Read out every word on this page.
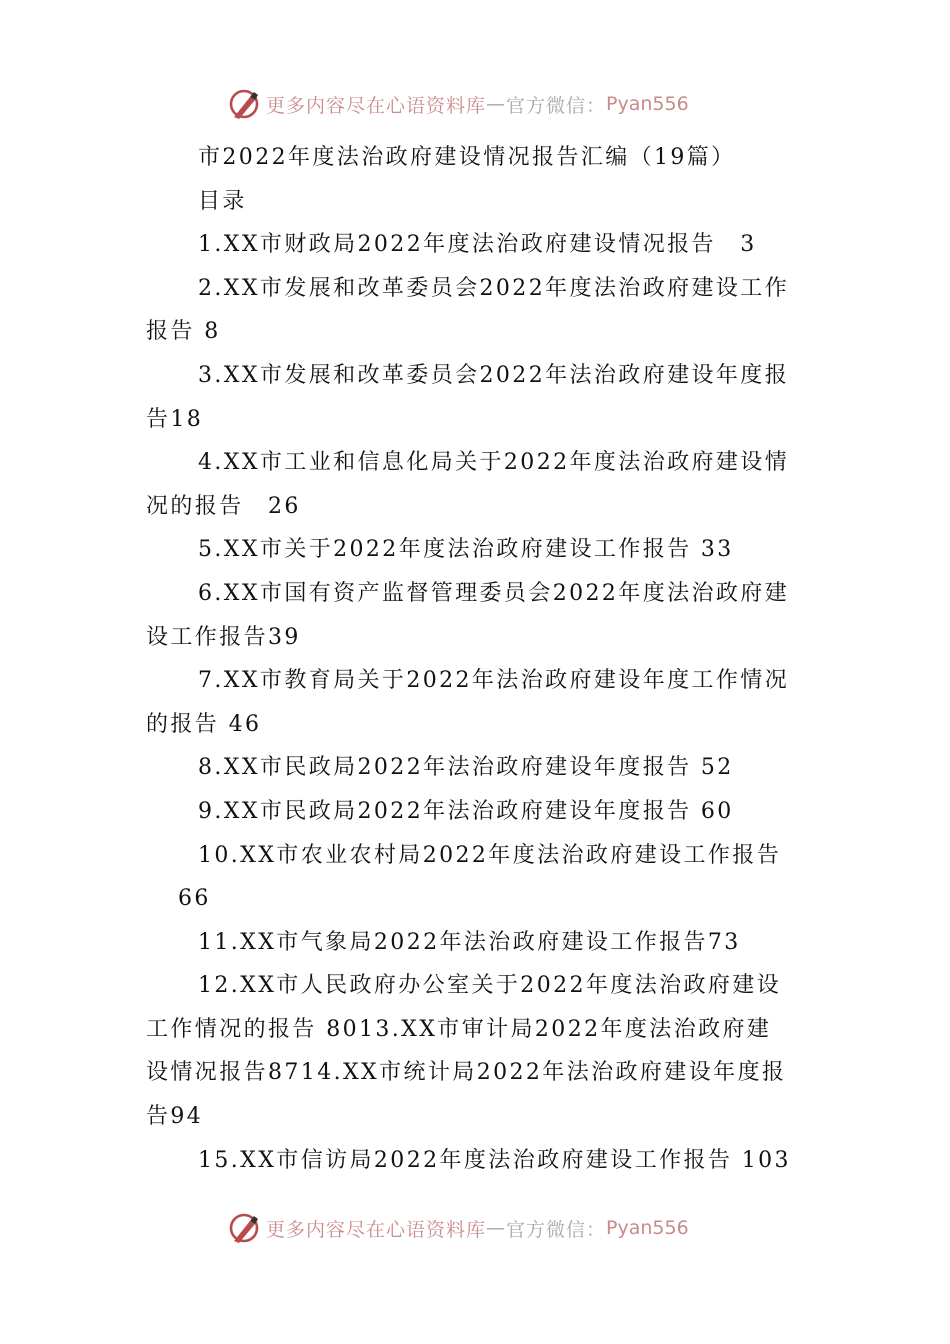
更多内容尽在心语资料库 — 官方微信： Pyan556
市2022年度法治政府建设情况报告汇编（19篇）
目录
1.XX市财政局2022年度法治政府建设情况报告　3
2.XX市发展和改革委员会2022年度法治政府建设工作
报告 8
3.XX市发展和改革委员会2022年法治政府建设年度报
告18
4.XX市工业和信息化局关于2022年度法治政府建设情
况的报告　26
5.XX市关于2022年度法治政府建设工作报告 33
6.XX市国有资产监督管理委员会2022年度法治政府建
设工作报告39
7.XX市教育局关于2022年法治政府建设年度工作情况
的报告 46
8.XX市民政局2022年法治政府建设年度报告 52
9.XX市民政局2022年法治政府建设年度报告 60
10.XX市农业农村局2022年度法治政府建设工作报告
66
11.XX市气象局2022年法治政府建设工作报告73
12.XX市人民政府办公室关于2022年度法治政府建设
工作情况的报告 8013.XX市审计局2022年度法治政府建
设情况报告8714.XX市统计局2022年法治政府建设年度报
告94
15.XX市信访局2022年度法治政府建设工作报告 103
更多内容尽在心语资料库 — 官方微信： Pyan556
